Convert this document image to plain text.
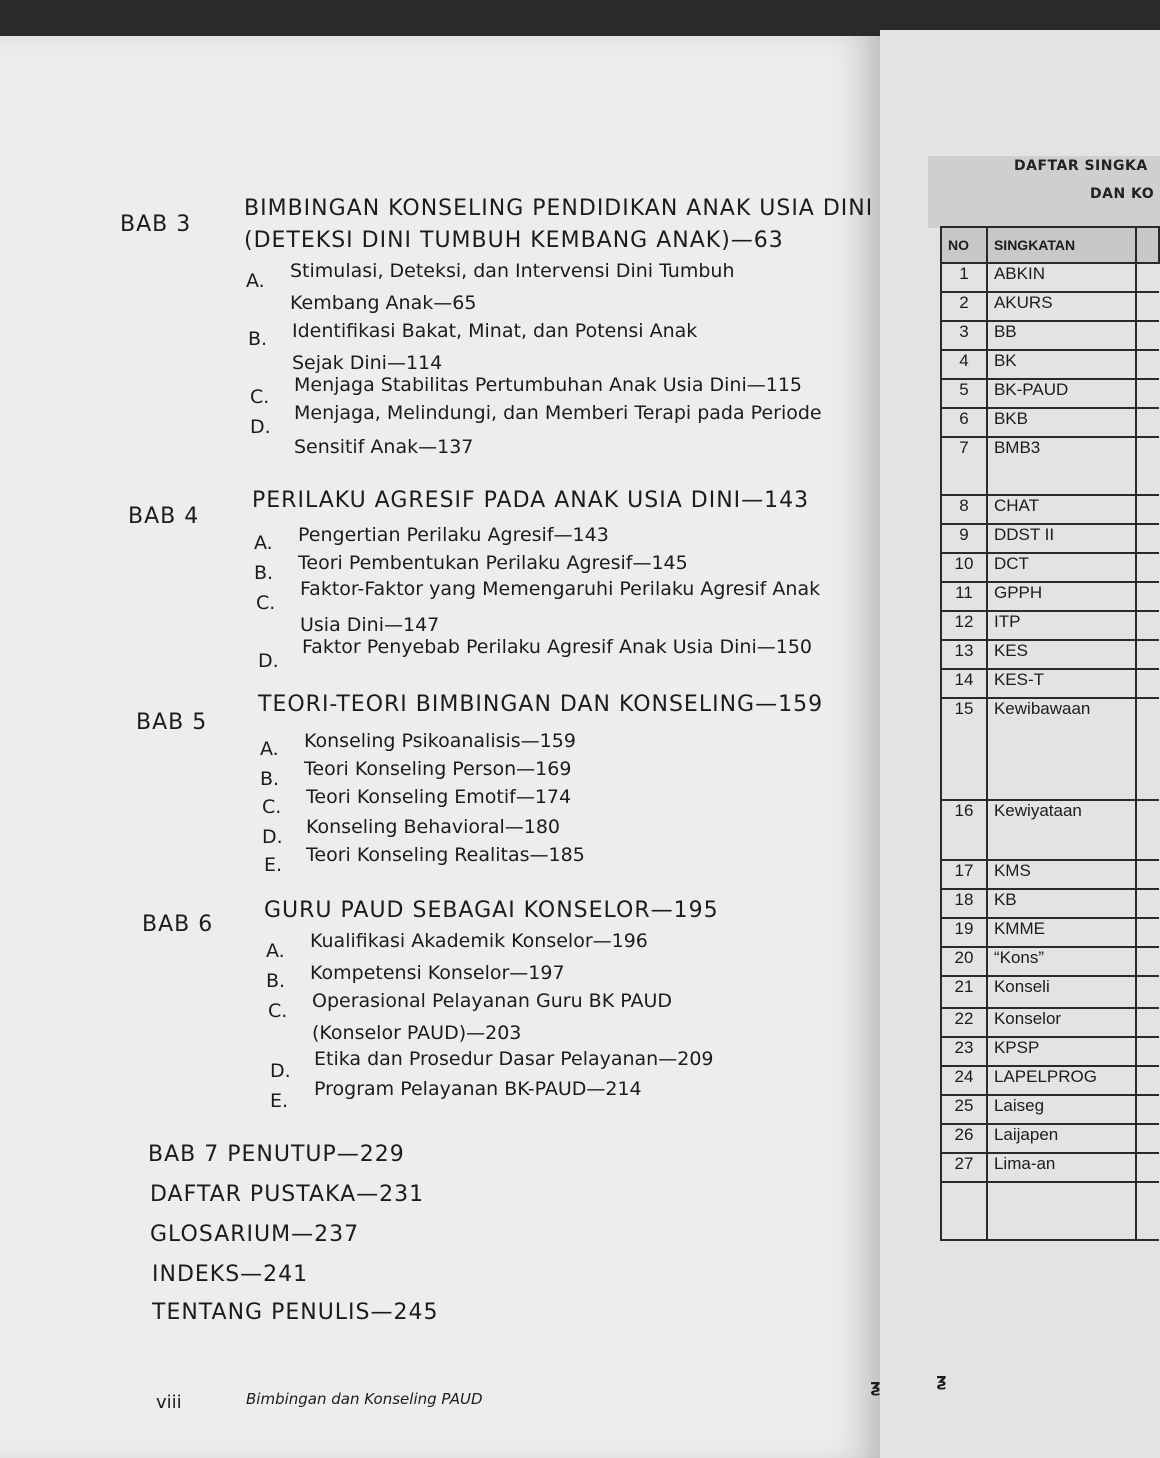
BAB 3
BIMBINGAN KONSELING PENDIDIKAN ANAK USIA DINI
(DETEKSI DINI TUMBUH KEMBANG ANAK)—63
A. Stimulasi, Deteksi, dan Intervensi Dini Tumbuh
Kembang Anak—65
B. Identifikasi Bakat, Minat, dan Potensi Anak
Sejak Dini—114
C.
Menjaga Stabilitas Pertumbuhan Anak Usia Dini—115
D.
Menjaga, Melindungi, dan Memberi Terapi pada Periode
Sensitif Anak—137
BAB 4
PERILAKU AGRESIF PADA ANAK USIA DINI—143
A. Pengertian Perilaku Agresif—143
B. Teori Pembentukan Perilaku Agresif—145
C.
Faktor-Faktor yang Memengaruhi Perilaku Agresif Anak
Usia Dini—147
D.
Faktor Penyebab Perilaku Agresif Anak Usia Dini—150
BAB 5
TEORI-TEORI BIMBINGAN DAN KONSELING—159
A. Konseling Psikoanalisis—159
B. Teori Konseling Person—169
C. Teori Konseling Emotif—174
D. Konseling Behavioral—180
E. Teori Konseling Realitas—185
BAB 6
GURU PAUD SEBAGAI KONSELOR—195
A. Kualifikasi Akademik Konselor—196
B. Kompetensi Konselor—197
C. Operasional Pelayanan Guru BK PAUD
(Konselor PAUD)—203
D.
Etika dan Prosedur Dasar Pelayanan—209
E.
Program Pelayanan BK-PAUD—214
BAB 7 PENUTUP—229
DAFTAR PUSTAKA—231
GLOSARIUM—237
INDEKS—241
TENTANG PENULIS—245
viii	Bimbingan dan Konseling PAUD
ƺ
DAFTAR SINGKA
DAN KO
NO	SINGKATAN	
1	ABKIN	
2	AKURS	
3	BB	
4	BK	
5	BK-PAUD	
6	BKB	
7	BMB3	
8	CHAT	
9	DDST II	
10	DCT	
11	GPPH	
12	ITP	
13	KES	
14	KES-T	
15	Kewibawaan	
16	Kewiyataan	
17	KMS	
18	KB	
19	KMME	
20	“Kons”	
21	Konseli	
22	Konselor	
23	KPSP	
24	LAPELPROG	
25	Laiseg	
26	Laijapen	
27	Lima-an	

ƺ
